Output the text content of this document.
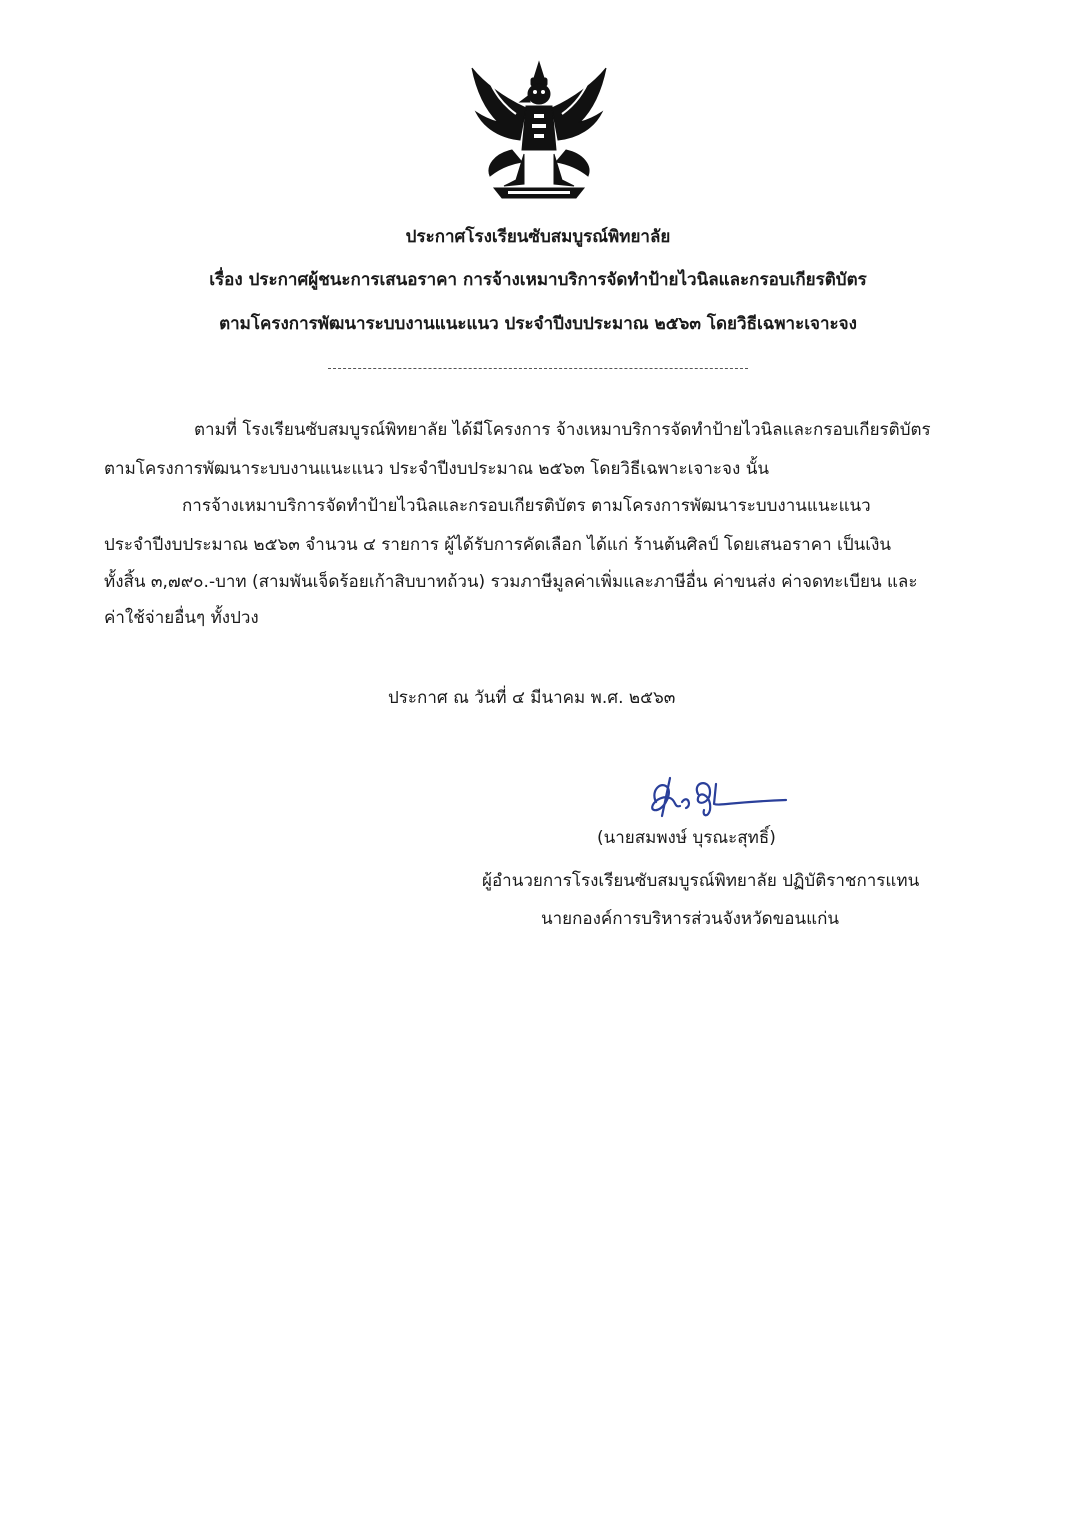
ประกาศโรงเรียนซับสมบูรณ์พิทยาลัย
เรื่อง ประกาศผู้ชนะการเสนอราคา การจ้างเหมาบริการจัดทำป้ายไวนิลและกรอบเกียรติบัตร
ตามโครงการพัฒนาระบบงานแนะแนว ประจำปีงบประมาณ ๒๕๖๓ โดยวิธีเฉพาะเจาะจง
ตามที่ โรงเรียนซับสมบูรณ์พิทยาลัย ได้มีโครงการ จ้างเหมาบริการจัดทำป้ายไวนิลและกรอบเกียรติบัตร
ตามโครงการพัฒนาระบบงานแนะแนว ประจำปีงบประมาณ ๒๕๖๓ โดยวิธีเฉพาะเจาะจง นั้น
การจ้างเหมาบริการจัดทำป้ายไวนิลและกรอบเกียรติบัตร ตามโครงการพัฒนาระบบงานแนะแนว
ประจำปีงบประมาณ ๒๕๖๓ จำนวน ๔ รายการ ผู้ได้รับการคัดเลือก ได้แก่ ร้านต้นศิลป์ โดยเสนอราคา เป็นเงิน
ทั้งสิ้น ๓,๗๙๐.-บาท (สามพันเจ็ดร้อยเก้าสิบบาทถ้วน) รวมภาษีมูลค่าเพิ่มและภาษีอื่น ค่าขนส่ง ค่าจดทะเบียน และ
ค่าใช้จ่ายอื่นๆ ทั้งปวง
ประกาศ ณ วันที่ ๔ มีนาคม พ.ศ. ๒๕๖๓
(นายสมพงษ์ บุรณะสุทธิ์)
ผู้อำนวยการโรงเรียนซับสมบูรณ์พิทยาลัย ปฏิบัติราชการแทน
นายกองค์การบริหารส่วนจังหวัดขอนแก่น
